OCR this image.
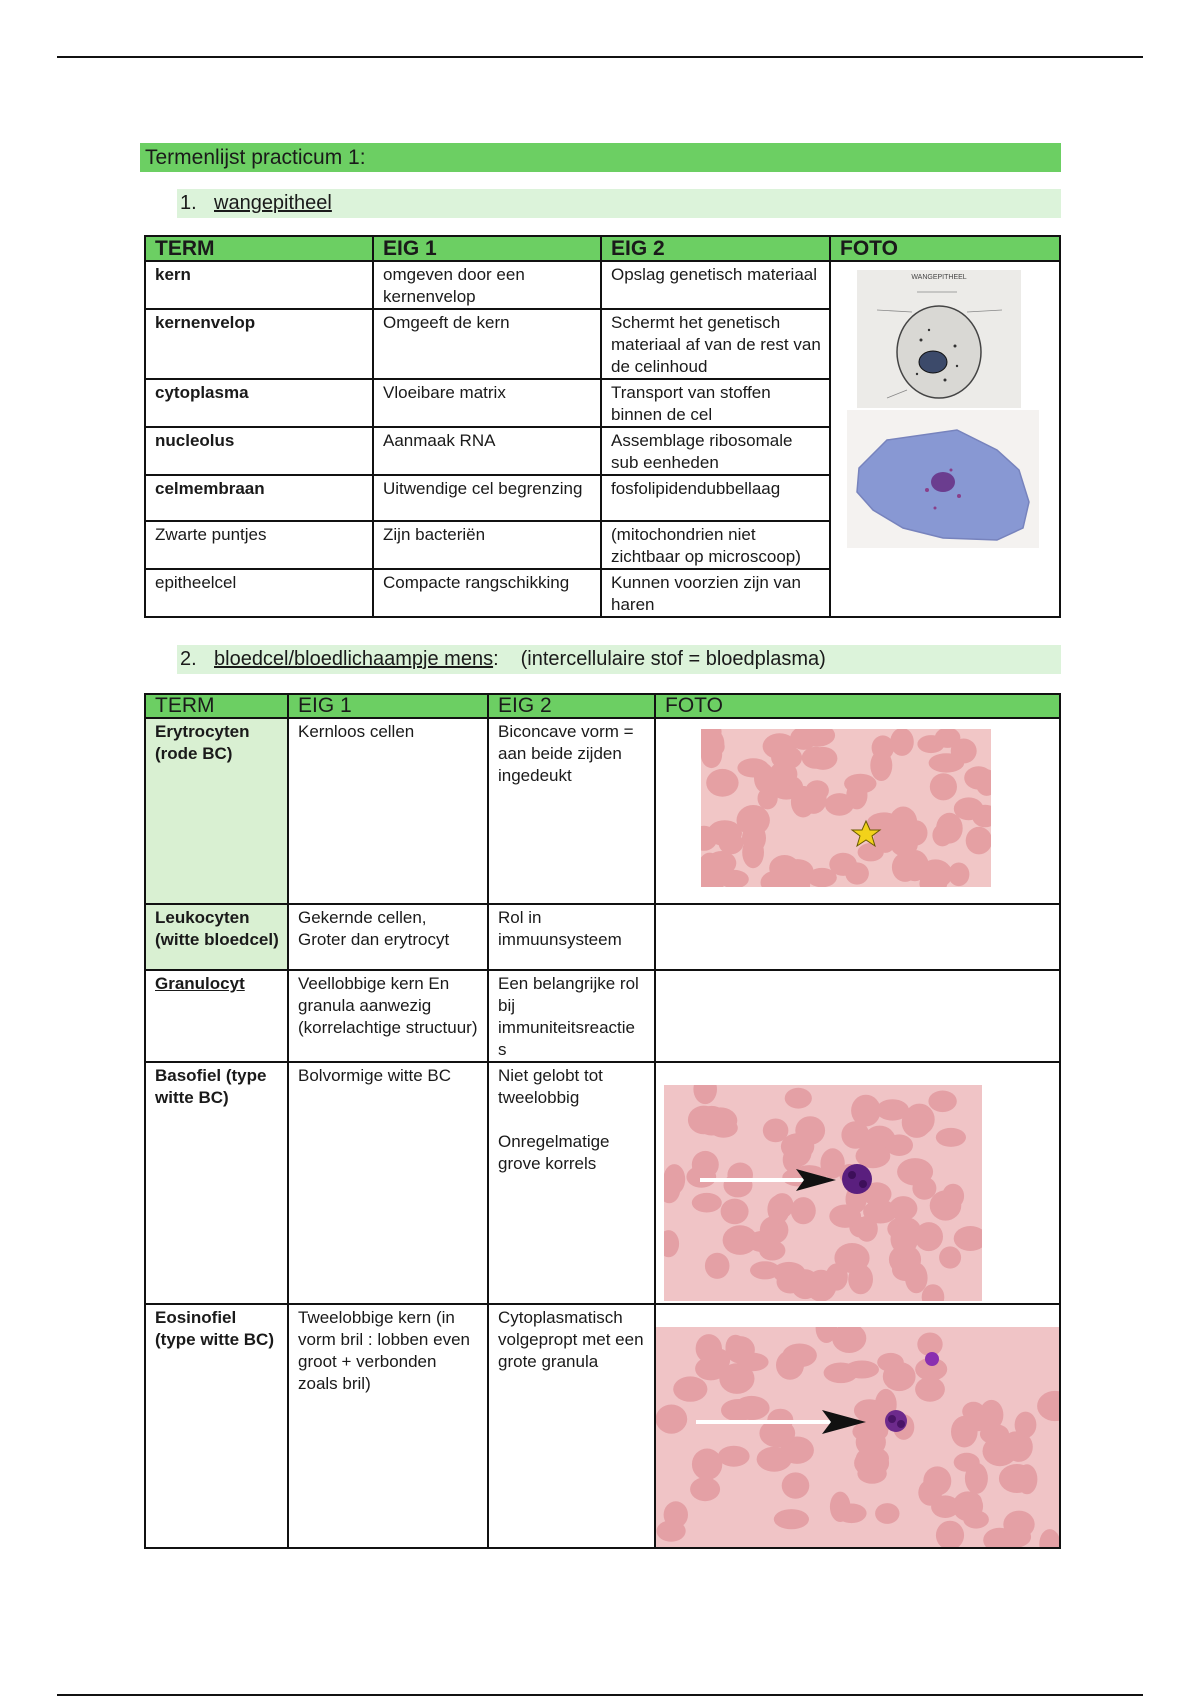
Termenlijst practicum 1:
1. wangepitheel
TERM	EIG 1	EIG 2	FOTO
kern	omgeven door een kernenvelop	Opslag genetisch materiaal	WANGEPITHEEL

kernenvelop	Omgeeft de kern	Schermt het genetisch materiaal af van de rest van de celinhoud	
cytoplasma	Vloeibare matrix	Transport van stoffen binnen de cel	
nucleolus	Aanmaak RNA	Assemblage ribosomale sub eenheden	
celmembraan	Uitwendige cel begrenzing	fosfolipidendubbellaag	
Zwarte puntjes	Zijn bacteriën	(mitochondrien niet zichtbaar op microscoop)	
epitheelcel	Compacte rangschikking	Kunnen voorzien zijn van haren	
2. bloedcel/bloedlichaampje mens: (intercellulaire stof = bloedplasma)
TERM	EIG 1	EIG 2	FOTO
Erytrocyten (rode BC)	Kernloos cellen	Biconcave vorm = aan beide zijden ingedeukt	

Leukocyten (witte bloedcel)	Gekernde cellen, Groter dan erytrocyt	Rol in immuunsysteem	
Granulocyt	Veellobbige kern En granula aanwezig (korrelachtige structuur)	Een belangrijke rol bij immuniteitsreactie s	
Basofiel (type witte BC)	Bolvormige witte BC	Niet gelobt tot tweelobbig
Onregelmatige grove korrels

Eosinofiel (type witte BC)	Tweelobbige kern (in vorm bril : lobben even groot + verbonden zoals bril)	Cytoplasmatisch volgepropt met een grote granula	
